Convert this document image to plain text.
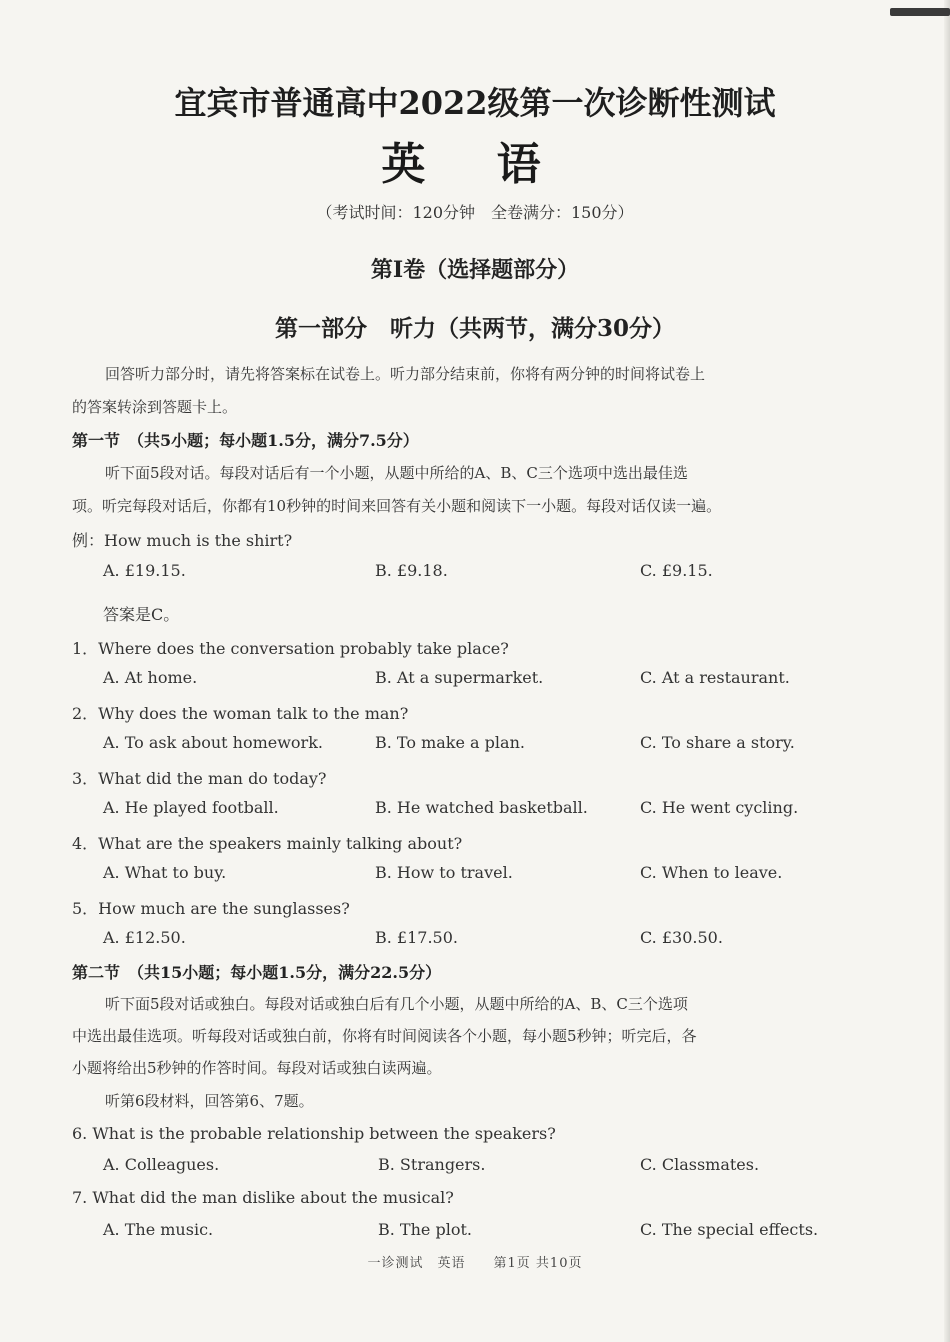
宜宾市普通高中2022级第一次诊断性测试
英 语
（考试时间：120分钟　全卷满分：150分）
第Ⅰ卷（选择题部分）
第一部分　听力（共两节，满分30分）
回答听力部分时，请先将答案标在试卷上。听力部分结束前，你将有两分钟的时间将试卷上
的答案转涂到答题卡上。
第一节　（共5小题；每小题1.5分，满分7.5分）
听下面5段对话。每段对话后有一个小题，从题中所给的A、B、C三个选项中选出最佳选
项。听完每段对话后，你都有10秒钟的时间来回答有关小题和阅读下一小题。每段对话仅读一遍。
例：How much is the shirt?
A. £19.15.	B. £9.18.	C. £9.15.
答案是C。
1．Where does the conversation probably take place?
A. At home.	B. At a supermarket.	C. At a restaurant.
2．Why does the woman talk to the man?
A. To ask about homework.	B. To make a plan.	C. To share a story.
3．What did the man do today?
A. He played football.	B. He watched basketball.	C. He went cycling.
4．What are the speakers mainly talking about?
A. What to buy.	B. How to travel.	C. When to leave.
5．How much are the sunglasses?
A. £12.50.	B. £17.50.	C. £30.50.
第二节　（共15小题；每小题1.5分，满分22.5分）
听下面5段对话或独白。每段对话或独白后有几个小题，从题中所给的A、B、C三个选项
中选出最佳选项。听每段对话或独白前，你将有时间阅读各个小题，每小题5秒钟；听完后，各
小题将给出5秒钟的作答时间。每段对话或独白读两遍。
听第6段材料，回答第6、7题。
6. What is the probable relationship between the speakers?
A. Colleagues.	B. Strangers.	C. Classmates.
7. What did the man dislike about the musical?
A. The music.	B. The plot.	C. The special effects.
一诊测试　英语　　第1页 共10页
